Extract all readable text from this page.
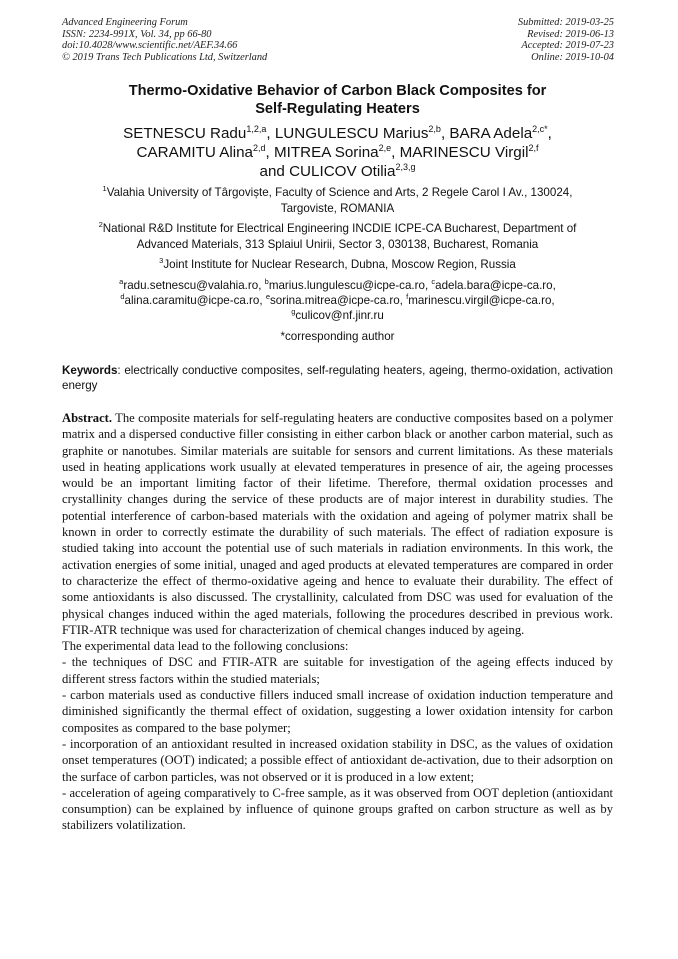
Advanced Engineering Forum
ISSN: 2234-991X, Vol. 34, pp 66-80
doi:10.4028/www.scientific.net/AEF.34.66
© 2019 Trans Tech Publications Ltd, Switzerland
Submitted: 2019-03-25
Revised: 2019-06-13
Accepted: 2019-07-23
Online: 2019-10-04
Thermo-Oxidative Behavior of Carbon Black Composites for
Self-Regulating Heaters
SETNESCU Radu$^{1,2,a}$, LUNGULESCU Marius$^{2,b}$, BARA Adela$^{2,c*}$,
CARAMITU Alina$^{2,d}$, MITREA Sorina$^{2,e}$, MARINESCU Virgil$^{2,f}$
and CULICOV Otilia$^{2,3,g}$
$^1$Valahia University of Târgoviște, Faculty of Science and Arts, 2 Regele Carol I Av., 130024,
Targoviste, ROMANIA
$^2$National R&D Institute for Electrical Engineering INCDIE ICPE-CA Bucharest, Department of
Advanced Materials, 313 Splaiul Unirii, Sector 3, 030138, Bucharest, Romania
$^3$Joint Institute for Nuclear Research, Dubna, Moscow Region, Russia
$^a$radu.setnescu@valahia.ro, $^b$marius.lungulescu@icpe-ca.ro, $^c$adela.bara@icpe-ca.ro,
$^d$alina.caramitu@icpe-ca.ro, $^e$sorina.mitrea@icpe-ca.ro, $^f$marinescu.virgil@icpe-ca.ro,
$^g$culicov@nf.jinr.ru
*corresponding author
Keywords: electrically conductive composites, self-regulating heaters, ageing, thermo-oxidation, activation energy

Abstract. The composite materials for self-regulating heaters are conductive composites based on a polymer matrix and a dispersed conductive filler consisting in either carbon black or another carbon material, such as graphite or nanotubes. Similar materials are suitable for sensors and current limitations. As these materials used in heating applications work usually at elevated temperatures in presence of air, the ageing processes would be an important limiting factor of their lifetime. Therefore, thermal oxidation processes and crystallinity changes during the service of these products are of major interest in durability studies. The potential interference of carbon-based materials with the oxidation and ageing of polymer matrix shall be known in order to correctly estimate the durability of such materials. The effect of radiation exposure is studied taking into account the potential use of such materials in radiation environments. In this work, the activation energies of some initial, unaged and aged products at elevated temperatures are compared in order to characterize the effect of thermo-oxidative ageing and hence to evaluate their durability. The effect of some antioxidants is also discussed. The crystallinity, calculated from DSC was used for evaluation of the physical changes induced within the aged materials, following the procedures described in previous work. FTIR-ATR technique was used for characterization of chemical changes induced by ageing.

The experimental data lead to the following conclusions:

- the techniques of DSC and FTIR-ATR are suitable for investigation of the ageing effects induced by different stress factors within the studied materials;

- carbon materials used as conductive fillers induced small increase of oxidation induction temperature and diminished significantly the thermal effect of oxidation, suggesting a lower oxidation intensity for carbon composites as compared to the base polymer;

- incorporation of an antioxidant resulted in increased oxidation stability in DSC, as the values of oxidation onset temperatures (OOT) indicated; a possible effect of antioxidant de-activation, due to their adsorption on the surface of carbon particles, was not observed or it is produced in a low extent;

- acceleration of ageing comparatively to C-free sample, as it was observed from OOT depletion (antioxidant consumption) can be explained by influence of quinone groups grafted on carbon structure as well as by stabilizers volatilization.
